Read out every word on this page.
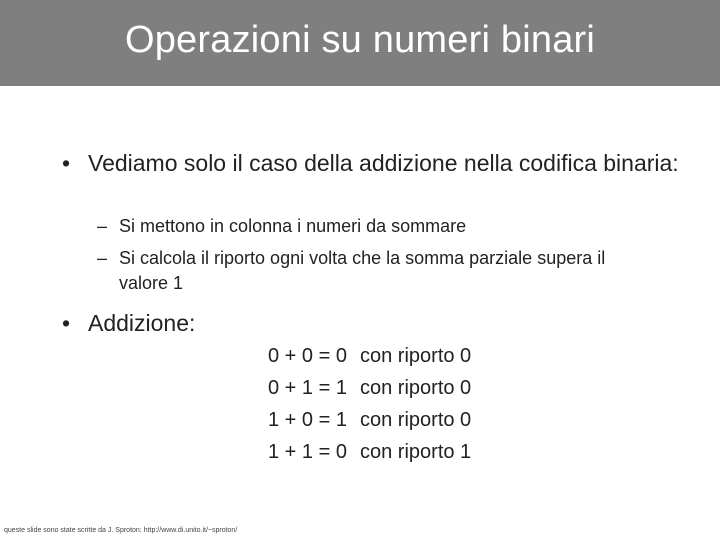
Operazioni su numeri binari
• Vediamo solo il caso della addizione nella codifica binaria:
– Si mettono in colonna i numeri da sommare
– Si calcola il riporto ogni volta che la somma parziale supera il valore 1
• Addizione:
0 + 0 = 0 con riporto 0
0 + 1 = 1 con riporto 0
1 + 0 = 1 con riporto 0
1 + 1 = 0 con riporto 1
queste slide sono state scritte da J. Sproton: http://www.di.unito.it/~sproton/
